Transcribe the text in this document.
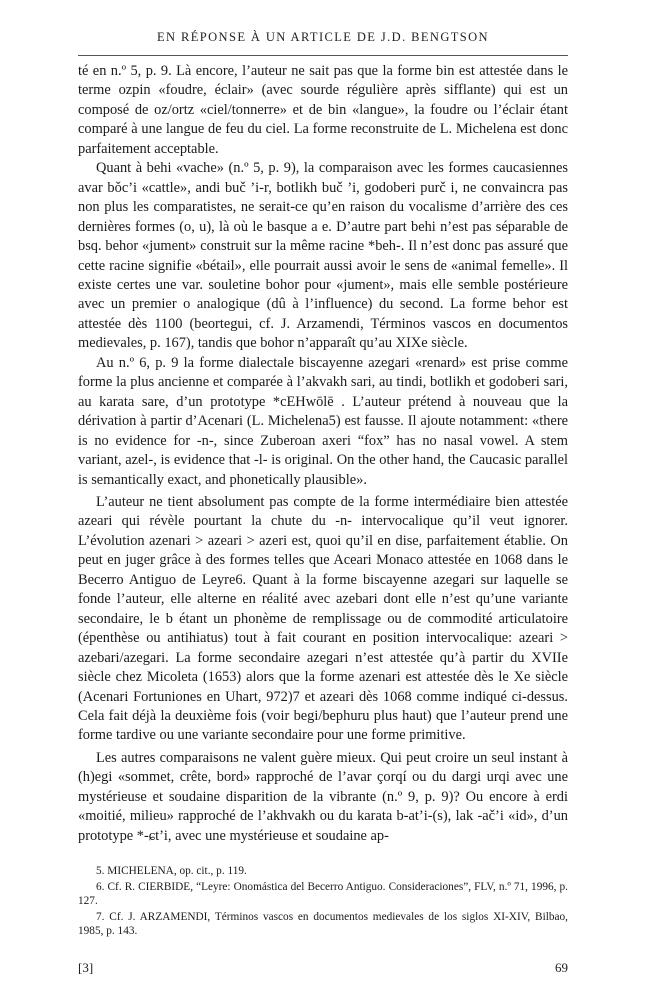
EN RÉPONSE À UN ARTICLE DE J.D. BENGTSON

té en n.º 5, p. 9. Là encore, l’auteur ne sait pas que la forme bin est attestée dans le terme ozpin «foudre, éclair» (avec sourde régulière après sifflante) qui est un composé de oz/ortz «ciel/tonnerre» et de bin «langue», la foudre ou l’éclair étant comparé à une langue de feu du ciel. La forme reconstruite de L. Michelena est donc parfaitement acceptable.

Quant à behi «vache» (n.º 5, p. 9), la comparaison avec les formes caucasiennes avar bǒc’i «cattle», andi buč ’i-r, botlikh buč ’i, godoberi purč i, ne convaincra pas non plus les comparatistes, ne serait-ce qu’en raison du vocalisme d’arrière des ces dernières formes (o, u), là où le basque a e. D’autre part behi n’est pas séparable de bsq. behor «jument» construit sur la même racine *beh-. Il n’est donc pas assuré que cette racine signifie «bétail», elle pourrait aussi avoir le sens de «animal femelle». Il existe certes une var. souletine bohor pour «jument», mais elle semble postérieure avec un premier o analogique (dû à l’influence) du second. La forme behor est attestée dès 1100 (beortegui, cf. J. Arzamendi, Términos vascos en documentos medievales, p. 167), tandis que bohor n’apparaît qu’au XIXe siècle.

Au n.º 6, p. 9 la forme dialectale biscayenne azegari «renard» est prise comme forme la plus ancienne et comparée à l’akvakh sari, au tindi, botlikh et godoberi sari, au karata sare, d’un prototype *cEHwōlē . L’auteur prétend à nouveau que la dérivation à partir d’Acenari (L. Michelena5) est fausse. Il ajoute notamment: «there is no evidence for -n-, since Zuberoan axeri “fox” has no nasal vowel. A stem variant, azel-, is evidence that -l- is original. On the other hand, the Caucasic parallel is semantically exact, and phonetically plausible».

L’auteur ne tient absolument pas compte de la forme intermédiaire bien attestée azeari qui révèle pourtant la chute du -n- intervocalique qu’il veut ignorer. L’évolution azenari > azeari > azeri est, quoi qu’il en dise, parfaitement établie. On peut en juger grâce à des formes telles que Aceari Monaco attestée en 1068 dans le Becerro Antiguo de Leyre6. Quant à la forme biscayenne azegari sur laquelle se fonde l’auteur, elle alterne en réalité avec azebari dont elle n’est qu’une variante secondaire, le b étant un phonème de remplissage ou de commodité articulatoire (épenthèse ou antihiatus) tout à fait courant en position intervocalique: azeari > azebari/azegari. La forme secondaire azegari n’est attestée qu’à partir du XVIIe siècle chez Micoleta (1653) alors que la forme azenari est attestée dès le Xe siècle (Acenari Fortuniones en Uhart, 972)7 et azeari dès 1068 comme indiqué ci-dessus. Cela fait déjà la deuxième fois (voir begi/bephuru plus haut) que l’auteur prend une forme tardive ou une variante secondaire pour une forme primitive.

Les autres comparaisons ne valent guère mieux. Qui peut croire un seul instant à (h)egi «sommet, crête, bord» rapproché de l’avar çorqí ou du dargi urqi avec une mystérieuse et soudaine disparition de la vibrante (n.º 9, p. 9)? Ou encore à erdi «moitié, milieu» rapproché de l’akhvakh ou du karata b-at’i-(s), lak -ač’i «id», d’un prototype *-ɕt’i, avec une mystérieuse et soudaine ap-

5. MICHELENA, op. cit., p. 119.

6. Cf. R. CIERBIDE, “Leyre: Onomástica del Becerro Antiguo. Consideraciones”, FLV, n.º 71, 1996, p. 127.

7. Cf. J. ARZAMENDI, Términos vascos en documentos medievales de los siglos XI-XIV, Bilbao, 1985, p. 143.

[3]	69
